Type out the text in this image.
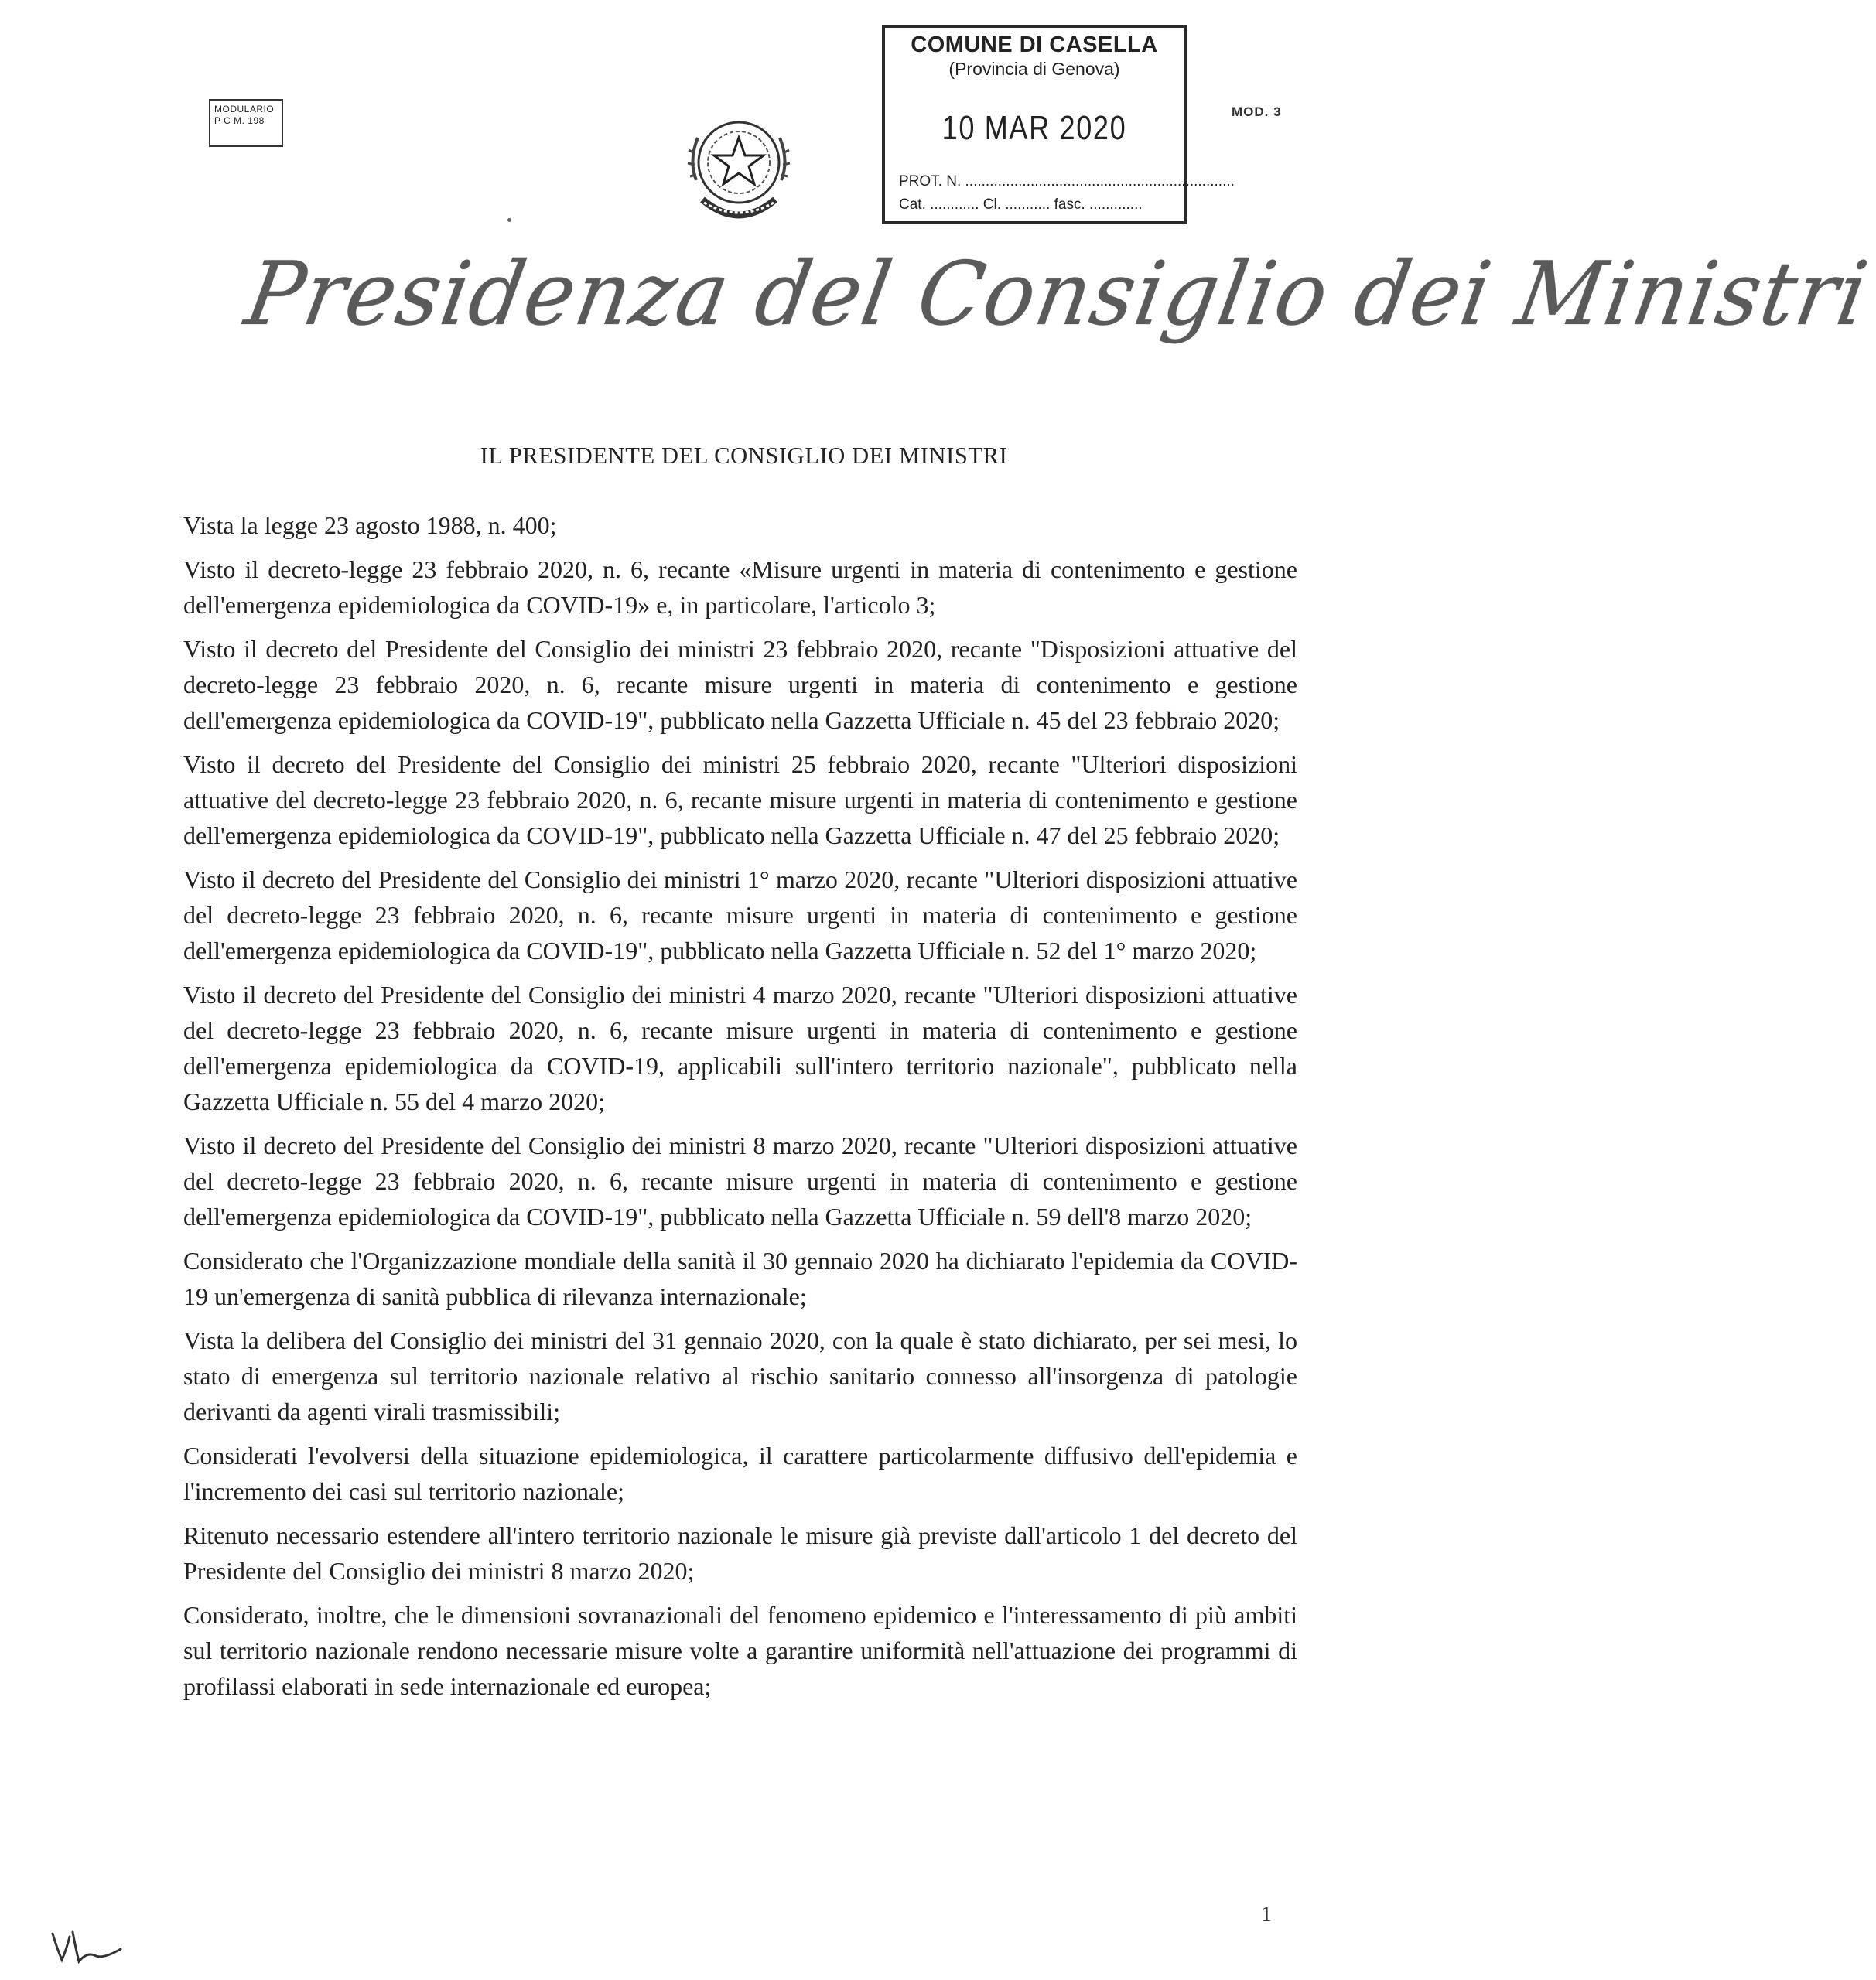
MODULARIO
P C M. 198
COMUNE DI CASELLA
(Provincia di Genova)
10 MAR 2020
PROT. N. ..................................................................
Cat. ............ Cl. ........... fasc. .............
MOD. 3
Presidenza del Consiglio dei Ministri
IL PRESIDENTE DEL CONSIGLIO DEI MINISTRI

Vista la legge 23 agosto 1988, n. 400;

Visto il decreto-legge 23 febbraio 2020, n. 6, recante «Misure urgenti in materia di contenimento e gestione dell'emergenza epidemiologica da COVID-19» e, in particolare, l'articolo 3;

Visto il decreto del Presidente del Consiglio dei ministri 23 febbraio 2020, recante "Disposizioni attuative del decreto-legge 23 febbraio 2020, n. 6, recante misure urgenti in materia di contenimento e gestione dell'emergenza epidemiologica da COVID-19", pubblicato nella Gazzetta Ufficiale n. 45 del 23 febbraio 2020;

Visto il decreto del Presidente del Consiglio dei ministri 25 febbraio 2020, recante "Ulteriori disposizioni attuative del decreto-legge 23 febbraio 2020, n. 6, recante misure urgenti in materia di contenimento e gestione dell'emergenza epidemiologica da COVID-19", pubblicato nella Gazzetta Ufficiale n. 47 del 25 febbraio 2020;

Visto il decreto del Presidente del Consiglio dei ministri 1° marzo 2020, recante "Ulteriori disposizioni attuative del decreto-legge 23 febbraio 2020, n. 6, recante misure urgenti in materia di contenimento e gestione dell'emergenza epidemiologica da COVID-19", pubblicato nella Gazzetta Ufficiale n. 52 del 1° marzo 2020;

Visto il decreto del Presidente del Consiglio dei ministri 4 marzo 2020, recante "Ulteriori disposizioni attuative del decreto-legge 23 febbraio 2020, n. 6, recante misure urgenti in materia di contenimento e gestione dell'emergenza epidemiologica da COVID-19, applicabili sull'intero territorio nazionale", pubblicato nella Gazzetta Ufficiale n. 55 del 4 marzo 2020;

Visto il decreto del Presidente del Consiglio dei ministri 8 marzo 2020, recante "Ulteriori disposizioni attuative del decreto-legge 23 febbraio 2020, n. 6, recante misure urgenti in materia di contenimento e gestione dell'emergenza epidemiologica da COVID-19", pubblicato nella Gazzetta Ufficiale n. 59 dell'8 marzo 2020;

Considerato che l'Organizzazione mondiale della sanità il 30 gennaio 2020 ha dichiarato l'epidemia da COVID-19 un'emergenza di sanità pubblica di rilevanza internazionale;

Vista la delibera del Consiglio dei ministri del 31 gennaio 2020, con la quale è stato dichiarato, per sei mesi, lo stato di emergenza sul territorio nazionale relativo al rischio sanitario connesso all'insorgenza di patologie derivanti da agenti virali trasmissibili;

Considerati l'evolversi della situazione epidemiologica, il carattere particolarmente diffusivo dell'epidemia e l'incremento dei casi sul territorio nazionale;

Ritenuto necessario estendere all'intero territorio nazionale le misure già previste dall'articolo 1 del decreto del Presidente del Consiglio dei ministri 8 marzo 2020;

Considerato, inoltre, che le dimensioni sovranazionali del fenomeno epidemico e l'interessamento di più ambiti sul territorio nazionale rendono necessarie misure volte a garantire uniformità nell'attuazione dei programmi di profilassi elaborati in sede internazionale ed europea;

1
